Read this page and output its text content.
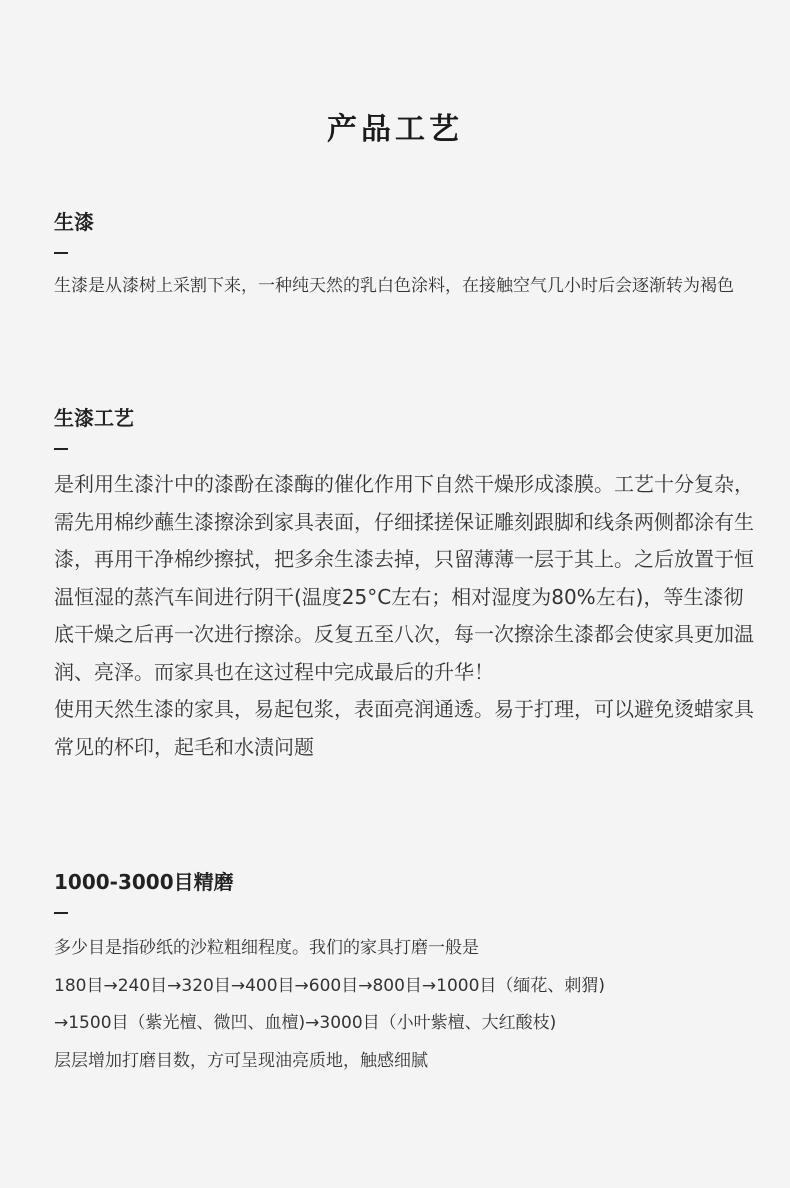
产品工艺
生漆

生漆是从漆树上采割下来，一种纯天然的乳白色涂料，在接触空气几小时后会逐渐转为褐色

生漆工艺

是利用生漆汁中的漆酚在漆酶的催化作用下自然干燥形成漆膜。工艺十分复杂，需先用棉纱蘸生漆擦涂到家具表面，仔细揉搓保证雕刻跟脚和线条两侧都涂有生漆，再用干净棉纱擦拭，把多余生漆去掉，只留薄薄一层于其上。之后放置于恒温恒湿的蒸汽车间进行阴干(温度25°C左右；相对湿度为80%左右)，等生漆彻底干燥之后再一次进行擦涂。反复五至八次，每一次擦涂生漆都会使家具更加温润、亮泽。而家具也在这过程中完成最后的升华！

使用天然生漆的家具，易起包浆，表面亮润通透。易于打理，可以避免烫蜡家具常见的杯印，起毛和水渍问题

1000-3000目精磨

多少目是指砂纸的沙粒粗细程度。我们的家具打磨一般是

180目→240目→320目→400目→600目→800目→1000目（缅花、刺猬)

→1500目（紫光檀、微凹、血檀)→3000目（小叶紫檀、大红酸枝)

层层增加打磨目数，方可呈现油亮质地，触感细腻
